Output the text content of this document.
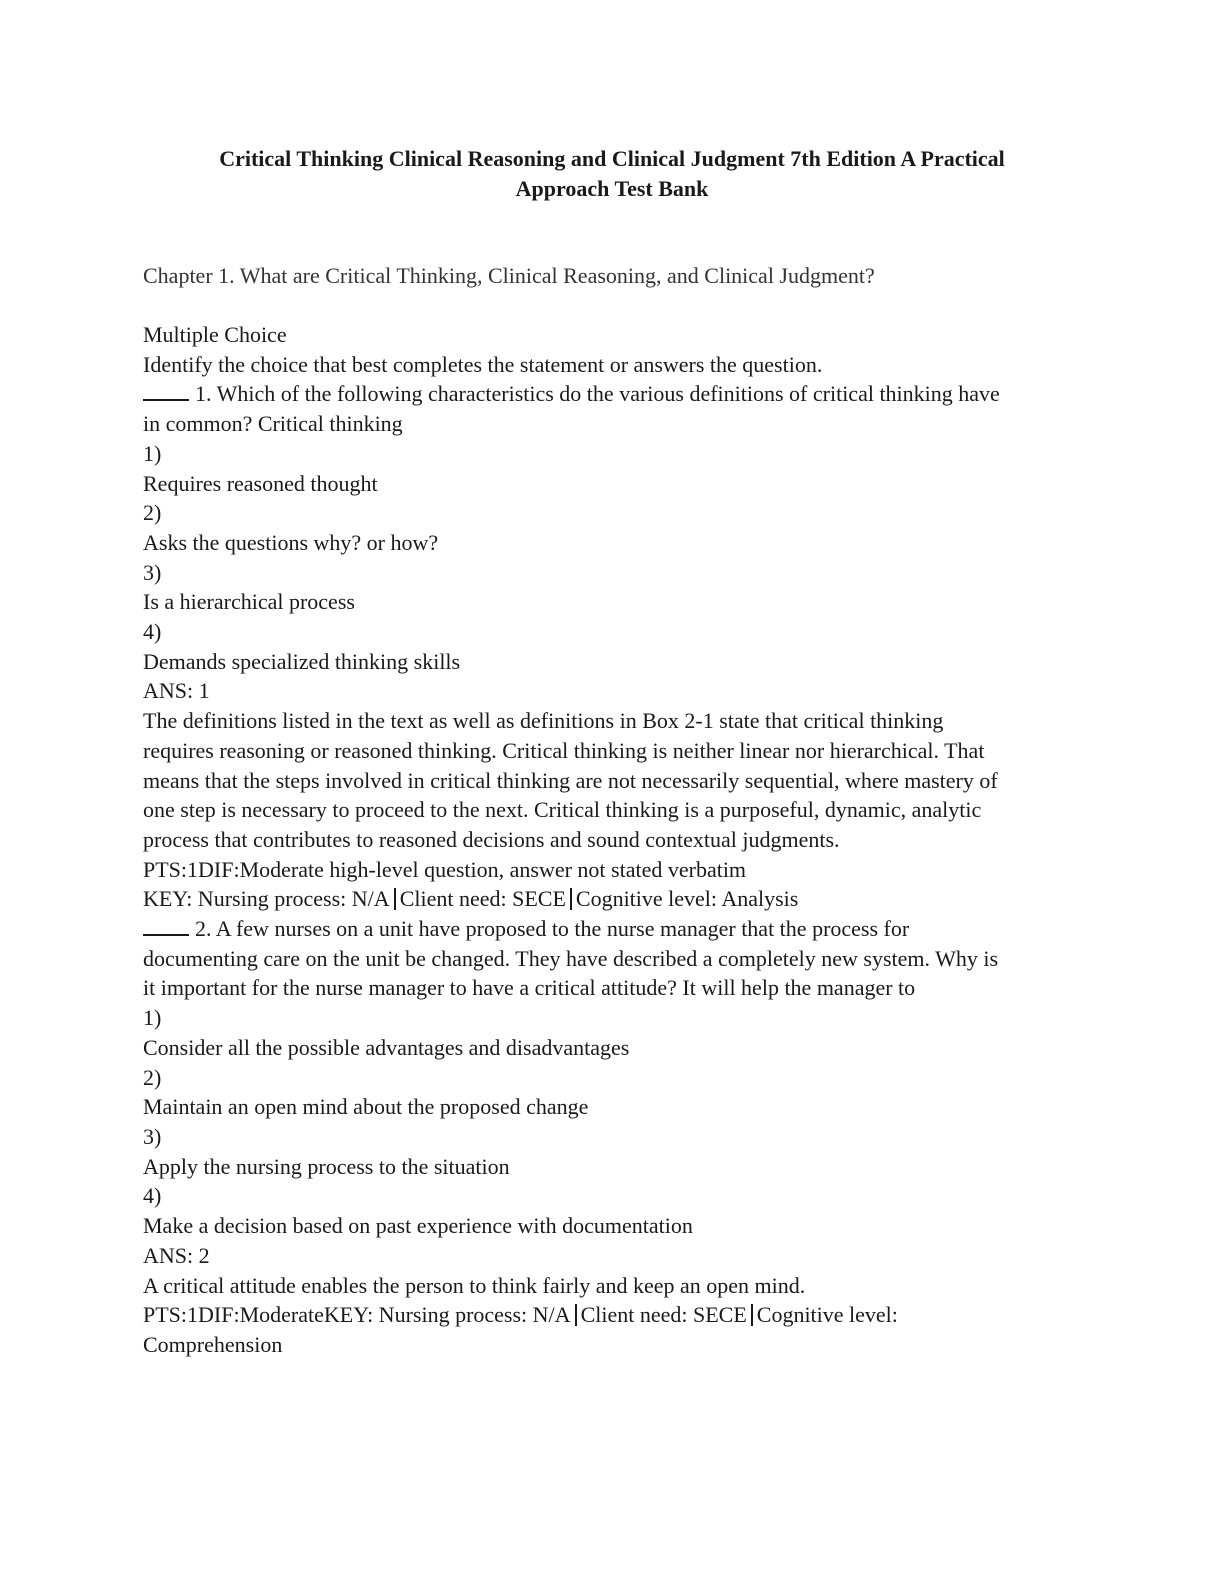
Critical Thinking Clinical Reasoning and Clinical Judgment 7th Edition A Practical
Approach Test Bank
Chapter 1. What are Critical Thinking, Clinical Reasoning, and Clinical Judgment?
Multiple Choice
Identify the choice that best completes the statement or answers the question.
1. Which of the following characteristics do the various definitions of critical thinking have
in common? Critical thinking
1)
Requires reasoned thought
2)
Asks the questions why? or how?
3)
Is a hierarchical process
4)
Demands specialized thinking skills
ANS: 1
The definitions listed in the text as well as definitions in Box 2-1 state that critical thinking
requires reasoning or reasoned thinking. Critical thinking is neither linear nor hierarchical. That
means that the steps involved in critical thinking are not necessarily sequential, where mastery of
one step is necessary to proceed to the next. Critical thinking is a purposeful, dynamic, analytic
process that contributes to reasoned decisions and sound contextual judgments.
PTS:1DIF:Moderate high-level question, answer not stated verbatim
KEY: Nursing process: N/A Client need: SECE Cognitive level: Analysis
2. A few nurses on a unit have proposed to the nurse manager that the process for
documenting care on the unit be changed. They have described a completely new system. Why is
it important for the nurse manager to have a critical attitude? It will help the manager to
1)
Consider all the possible advantages and disadvantages
2)
Maintain an open mind about the proposed change
3)
Apply the nursing process to the situation
4)
Make a decision based on past experience with documentation
ANS: 2
A critical attitude enables the person to think fairly and keep an open mind.
PTS:1DIF:ModerateKEY: Nursing process: N/A Client need: SECE Cognitive level:
Comprehension
